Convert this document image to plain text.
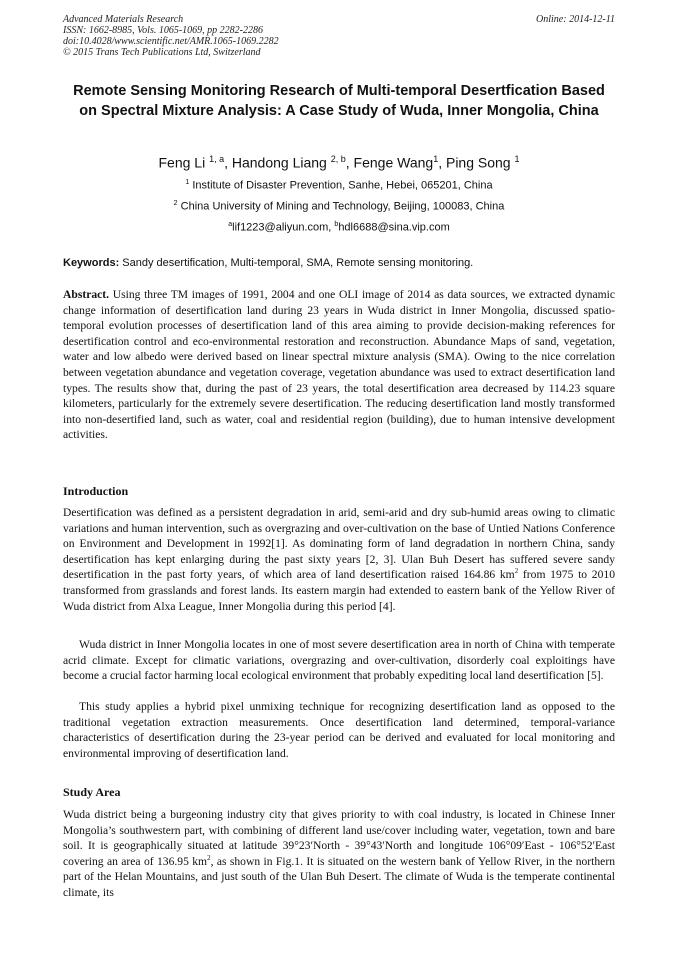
Advanced Materials Research
ISSN: 1662-8985, Vols. 1065-1069, pp 2282-2286
doi:10.4028/www.scientific.net/AMR.1065-1069.2282
© 2015 Trans Tech Publications Ltd, Switzerland
Online: 2014-12-11
Remote Sensing Monitoring Research of Multi-temporal Desertfication Based on Spectral Mixture Analysis: A Case Study of Wuda, Inner Mongolia, China
Feng Li $^{1, a}$, Handong Liang $^{2, b}$, Fenge Wang$^1$, Ping Song $^1$
$^1$ Institute of Disaster Prevention, Sanhe, Hebei, 065201, China
$^2$ China University of Mining and Technology, Beijing, 100083, China
$^a$lif1223@aliyun.com, $^b$hdl6688@sina.vip.com
Keywords: Sandy desertification, Multi-temporal, SMA, Remote sensing monitoring.

Abstract. Using three TM images of 1991, 2004 and one OLI image of 2014 as data sources, we extracted dynamic change information of desertification land during 23 years in Wuda district in Inner Mongolia, discussed spatio-temporal evolution processes of desertification land of this area aiming to provide decision-making references for desertification control and eco-environmental restoration and reconstruction. Abundance Maps of sand, vegetation, water and low albedo were derived based on linear spectral mixture analysis (SMA). Owing to the nice correlation between vegetation abundance and vegetation coverage, vegetation abundance was used to extract desertification land types. The results show that, during the past of 23 years, the total desertification area decreased by 114.23 square kilometers, particularly for the extremely severe desertification. The reducing desertification land mostly transformed into non-desertified land, such as water, coal and residential region (building), due to human intensive development activities.

Introduction

Desertification was defined as a persistent degradation in arid, semi-arid and dry sub-humid areas owing to climatic variations and human intervention, such as overgrazing and over-cultivation on the base of Untied Nations Conference on Environment and Development in 1992[1]. As dominating form of land degradation in northern China, sandy desertification has kept enlarging during the past sixty years [2, 3]. Ulan Buh Desert has suffered severe sandy desertification in the past forty years, of which area of land desertification raised 164.86 $km^2$ from 1975 to 2010 transformed from grasslands and forest lands. Its eastern margin had extended to eastern bank of the Yellow River of Wuda district from Alxa League, Inner Mongolia during this period [4].

Wuda district in Inner Mongolia locates in one of most severe desertification area in north of China with temperate acrid climate. Except for climatic variations, overgrazing and over-cultivation, disorderly coal exploitings have become a crucial factor harming local ecological environment that probably expediting local land desertification [5].

This study applies a hybrid pixel unmixing technique for recognizing desertification land as opposed to the traditional vegetation extraction measurements. Once desertification land determined, temporal-variance characteristics of desertification during the 23-year period can be derived and evaluated for local monitoring and environmental improving of desertification land.

Study Area

Wuda district being a burgeoning industry city that gives priority to with coal industry, is located in Chinese Inner Mongolia’s southwestern part, with combining of different land use/cover including water, vegetation, town and bare soil. It is geographically situated at latitude 39°23′North - 39°43′North and longitude 106°09′East - 106°52′East covering an area of 136.95 $km^2$, as shown in Fig.1. It is situated on the western bank of Yellow River, in the northern part of the Helan Mountains, and just south of the Ulan Buh Desert. The climate of Wuda is the temperate continental climate, its
